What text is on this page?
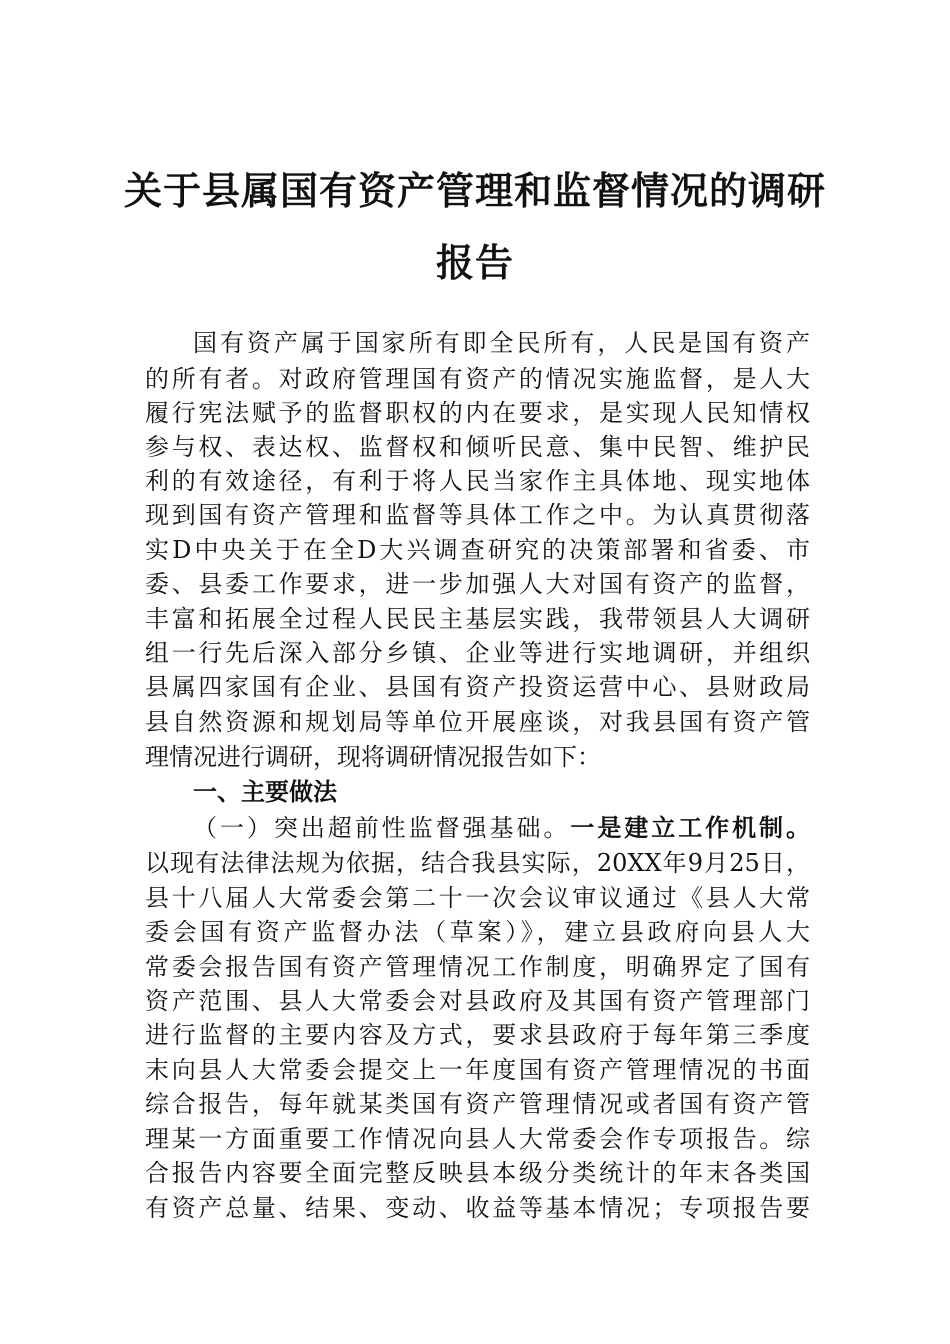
关于县属国有资产管理和监督情况的调研
报告
国有资产属于国家所有即全民所有，人民是国有资产
的所有者。对政府管理国有资产的情况实施监督，是人大
履行宪法赋予的监督职权的内在要求，是实现人民知情权
参与权、表达权、监督权和倾听民意、集中民智、维护民
利的有效途径，有利于将人民当家作主具体地、现实地体
现到国有资产管理和监督等具体工作之中。为认真贯彻落
实D中央关于在全D大兴调查研究的决策部署和省委、市
委、县委工作要求，进一步加强人大对国有资产的监督，
丰富和拓展全过程人民民主基层实践，我带领县人大调研
组一行先后深入部分乡镇、企业等进行实地调研，并组织
县属四家国有企业、县国有资产投资运营中心、县财政局
县自然资源和规划局等单位开展座谈，对我县国有资产管
理情况进行调研，现将调研情况报告如下：
一、主要做法
（一）突出超前性监督强基础。一是建立工作机制。
以现有法律法规为依据，结合我县实际，20XX年9月25日，
县十八届人大常委会第二十一次会议审议通过《县人大常
委会国有资产监督办法（草案）》，建立县政府向县人大
常委会报告国有资产管理情况工作制度，明确界定了国有
资产范围、县人大常委会对县政府及其国有资产管理部门
进行监督的主要内容及方式，要求县政府于每年第三季度
末向县人大常委会提交上一年度国有资产管理情况的书面
综合报告，每年就某类国有资产管理情况或者国有资产管
理某一方面重要工作情况向县人大常委会作专项报告。综
合报告内容要全面完整反映县本级分类统计的年末各类国
有资产总量、结果、变动、收益等基本情况；专项报告要
